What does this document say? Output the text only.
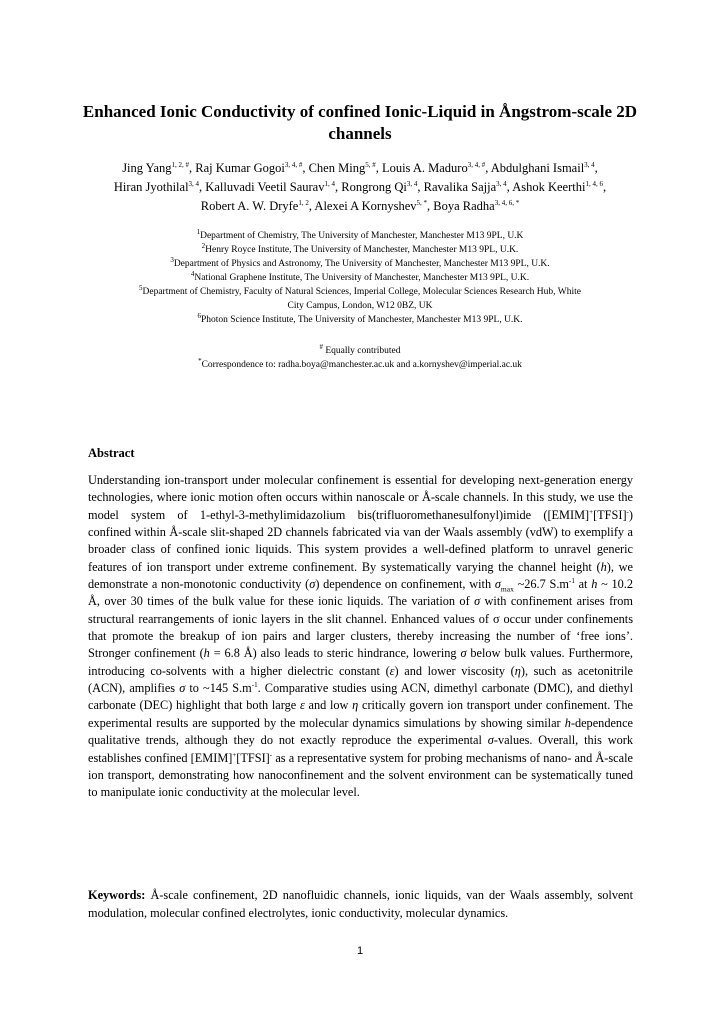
Enhanced Ionic Conductivity of confined Ionic-Liquid in Ångstrom-scale 2D channels
Jing Yang$^{1, 2, \#}$, Raj Kumar Gogoi$^{3, 4, \#}$, Chen Ming$^{5, \#}$, Louis A. Maduro$^{3, 4, \#}$, Abdulghani Ismail$^{3, 4}$,
Hiran Jyothilal$^{3, 4}$, Kalluvadi Veetil Saurav$^{1, 4}$, Rongrong Qi$^{3, 4}$, Ravalika Sajja$^{3, 4}$, Ashok Keerthi$^{1, 4, 6}$,
Robert A. W. Dryfe$^{1, 2}$, Alexei A Kornyshev$^{5, *}$, Boya Radha$^{3, 4, 6, *}$
$^1$Department of Chemistry, The University of Manchester, Manchester M13 9PL, U.K
$^2$Henry Royce Institute, The University of Manchester, Manchester M13 9PL, U.K.
$^3$Department of Physics and Astronomy, The University of Manchester, Manchester M13 9PL, U.K.
$^4$National Graphene Institute, The University of Manchester, Manchester M13 9PL, U.K.
$^5$Department of Chemistry, Faculty of Natural Sciences, Imperial College, Molecular Sciences Research Hub, White City Campus, London, W12 0BZ, UK
$^6$Photon Science Institute, The University of Manchester, Manchester M13 9PL, U.K.
# Equally contributed
*Correspondence to: radha.boya@manchester.ac.uk and a.kornyshev@imperial.ac.uk
Abstract
Understanding ion-transport under molecular confinement is essential for developing next-generation energy technologies, where ionic motion often occurs within nanoscale or Å-scale channels. In this study, we use the model system of 1-ethyl-3-methylimidazolium bis(trifluoromethanesulfonyl)imide ([EMIM]+[TFSI]-) confined within Å-scale slit-shaped 2D channels fabricated via van der Waals assembly (vdW) to exemplify a broader class of confined ionic liquids. This system provides a well-defined platform to unravel generic features of ion transport under extreme confinement. By systematically varying the channel height (h), we demonstrate a non-monotonic conductivity (σ) dependence on confinement, with $\sigma_{max}$ ~26.7 $S.m^{-1}$ at h ~ 10.2 Å, over 30 times of the bulk value for these ionic liquids. The variation of σ with confinement arises from structural rearrangements of ionic layers in the slit channel. Enhanced values of σ occur under confinements that promote the breakup of ion pairs and larger clusters, thereby increasing the number of ‘free ions’. Stronger confinement (h = 6.8 Å) also leads to steric hindrance, lowering σ below bulk values. Furthermore, introducing co-solvents with a higher dielectric constant (ε) and lower viscosity (η), such as acetonitrile (ACN), amplifies σ to ~145 $S.m^{-1}$. Comparative studies using ACN, dimethyl carbonate (DMC), and diethyl carbonate (DEC) highlight that both large ε and low η critically govern ion transport under confinement. The experimental results are supported by the molecular dynamics simulations by showing similar h-dependence qualitative trends, although they do not exactly reproduce the experimental σ-values. Overall, this work establishes confined [EMIM]+[TFSI]- as a representative system for probing mechanisms of nano- and Å-scale ion transport, demonstrating how nanoconfinement and the solvent environment can be systematically tuned to manipulate ionic conductivity at the molecular level.
Keywords: Å-scale confinement, 2D nanofluidic channels, ionic liquids, van der Waals assembly, solvent modulation, molecular confined electrolytes, ionic conductivity, molecular dynamics.
1
